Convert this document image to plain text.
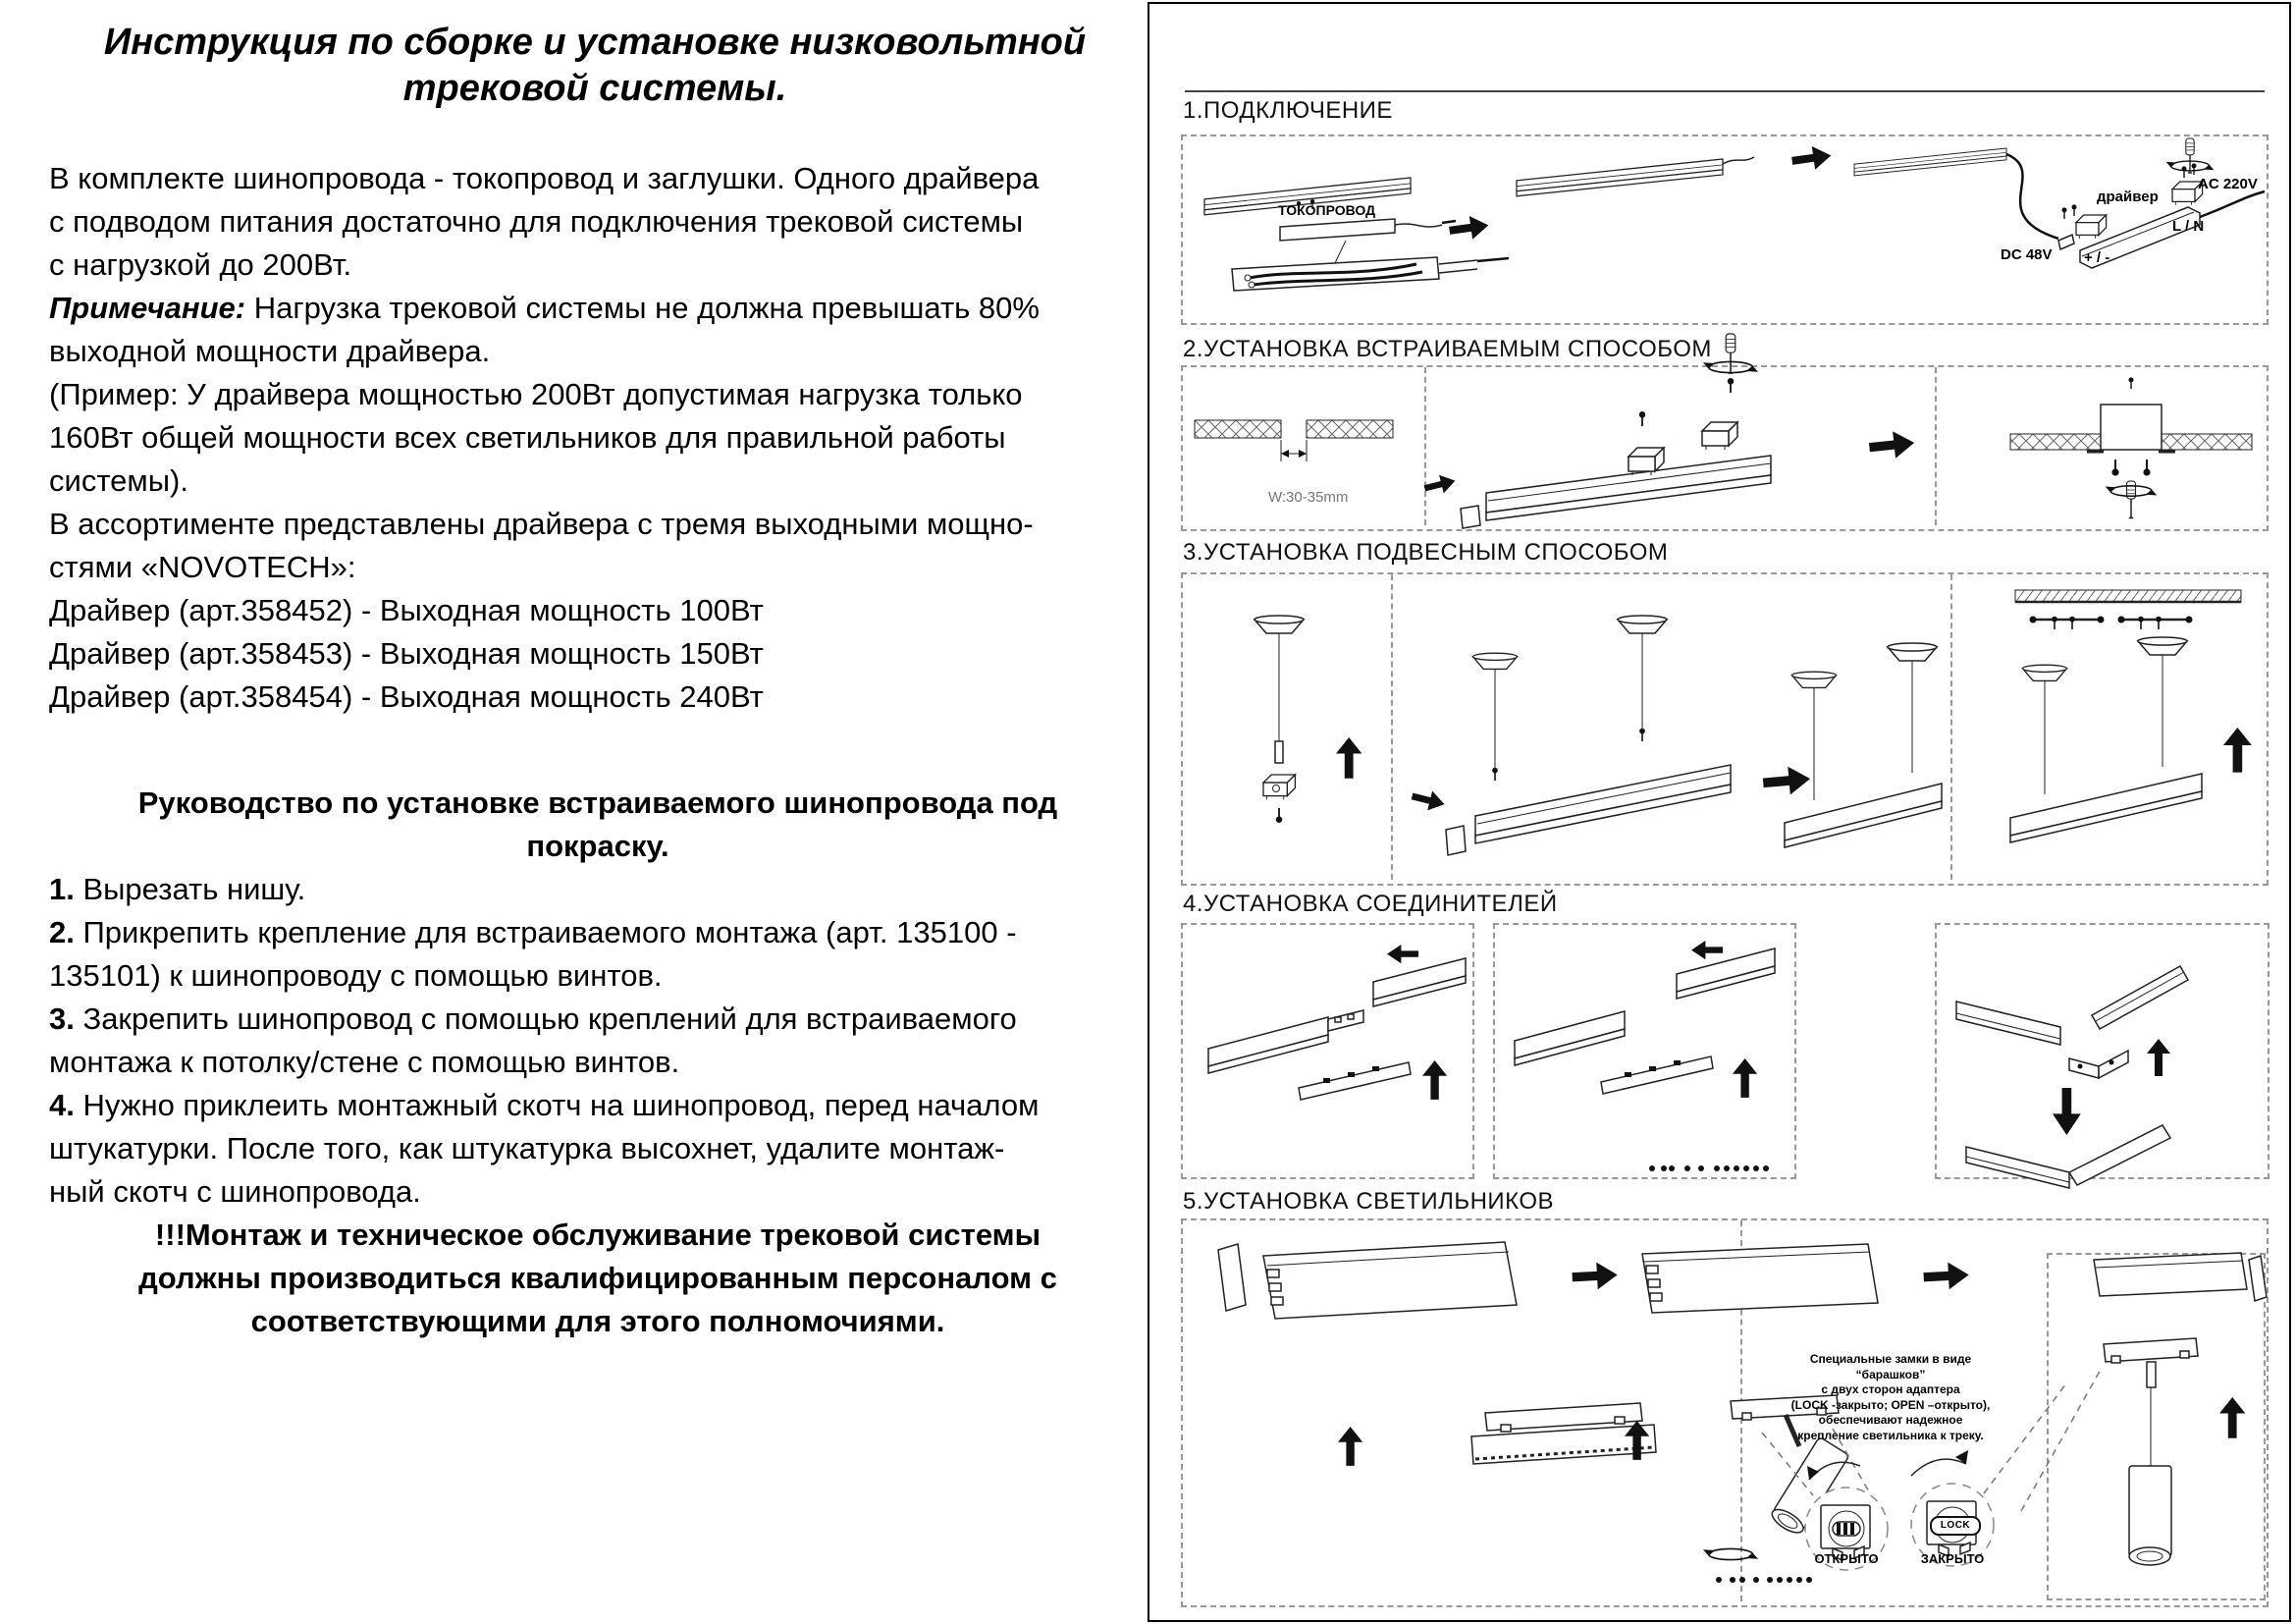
Инструкция по сборке и установке низковольтной
трековой системы.
В комплекте шинопровода - токопровод и заглушки. Одного драйвера
с подводом питания достаточно для подключения трековой системы
с нагрузкой до 200Вт.
Примечание: Нагрузка трековой системы не должна превышать 80%
выходной мощности драйвера.
(Пример: У драйвера мощностью 200Вт допустимая нагрузка только
160Вт общей мощности всех светильников для правильной работы
системы).
В ассортименте представлены драйвера с тремя выходными мощно-
стями «NOVOTECH»:
Драйвер (арт.358452) - Выходная мощность 100Вт
Драйвер (арт.358453) - Выходная мощность 150Вт
Драйвер (арт.358454) - Выходная мощность 240Вт
Руководство по установке встраиваемого шинопровода под
покраску.
1. Вырезать нишу.
2. Прикрепить крепление для встраиваемого монтажа (арт. 135100 -
135101) к шинопроводу с помощью винтов.
3. Закрепить шинопровод с помощью креплений для встраиваемого
монтажа к потолку/стене с помощью винтов.
4. Нужно приклеить монтажный скотч на шинопровод, перед началом
штукатурки. После того, как штукатурка высохнет, удалите монтаж-
ный скотч с шинопровода.
!!!Монтаж и техническое обслуживание трековой системы
должны производиться квалифицированным персоналом с
соответствующими для этого полномочиями.
1.ПОДКЛЮЧЕНИЕ
2.УСТАНОВКА ВСТРАИВАЕМЫМ СПОСОБОМ
3.УСТАНОВКА ПОДВЕСНЫМ СПОСОБОМ
4.УСТАНОВКА СОЕДИНИТЕЛЕЙ
5.УСТАНОВКА СВЕТИЛЬНИКОВ
ТОКОПРОВОД
DC 48V
драйвер
AC 220V
L / N
+ / -
W:30-35mm
Специальные замки в виде “барашков”
с двух сторон адаптера
(LOCK -закрыто; OPEN –открыто),
обеспечивают надежное
крепление светильника к треку.
LOCK
ОТКРЫТО	ЗАКРЫТО
